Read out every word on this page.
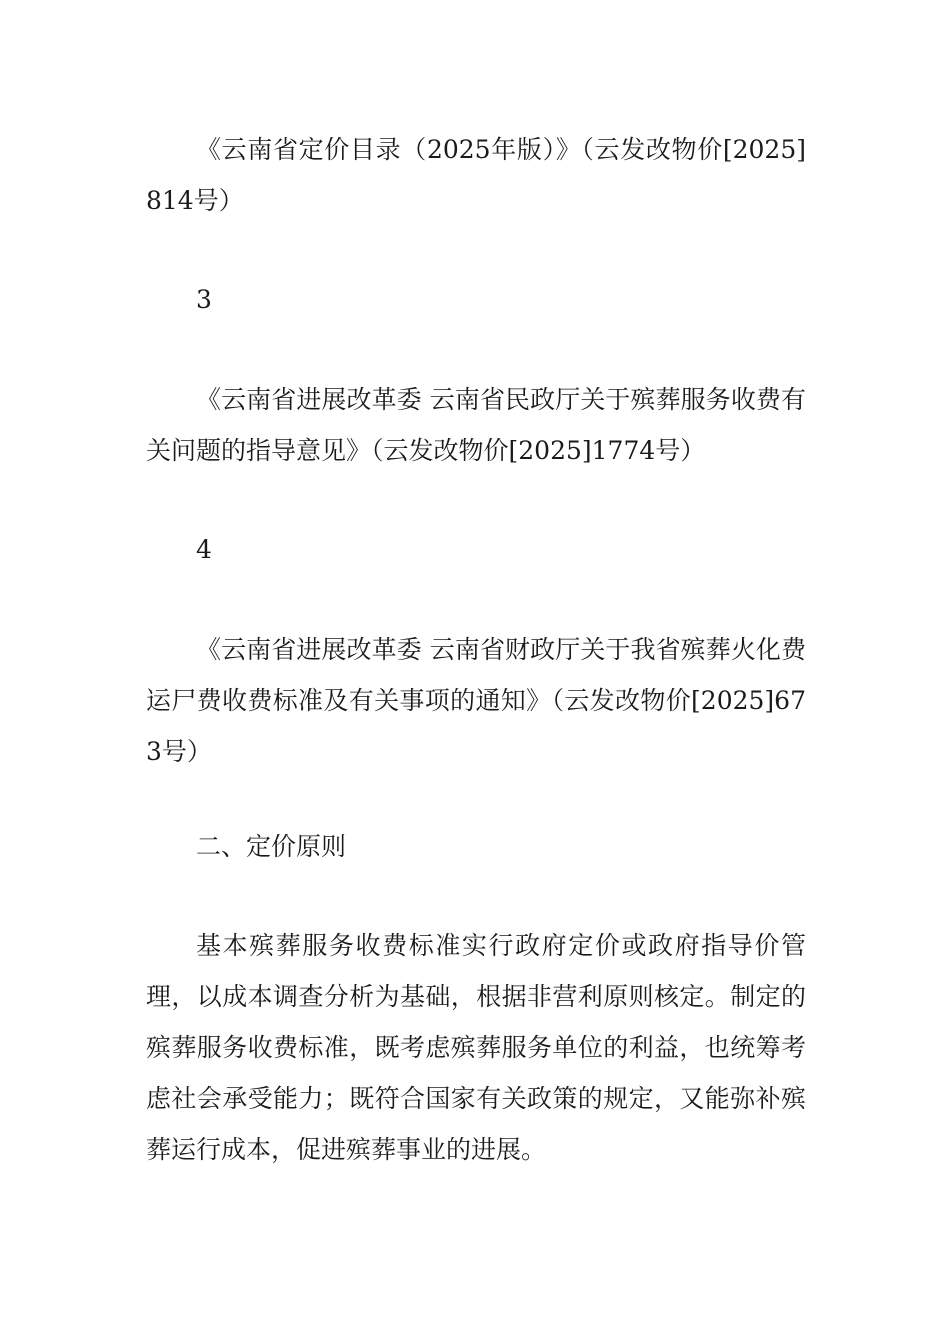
《云南省定价目录（2025年版）》（云发改物价[2025]814号）

3

《云南省进展改革委 云南省民政厅关于殡葬服务收费有关问题的指导意见》（云发改物价[2025]1774号）

4

《云南省进展改革委 云南省财政厅关于我省殡葬火化费运尸费收费标准及有关事项的通知》（云发改物价[2025]673号）

二、定价原则

基本殡葬服务收费标准实行政府定价或政府指导价管理，以成本调查分析为基础，根据非营利原则核定。制定的殡葬服务收费标准，既考虑殡葬服务单位的利益，也统筹考虑社会承受能力；既符合国家有关政策的规定，又能弥补殡葬运行成本，促进殡葬事业的进展。
